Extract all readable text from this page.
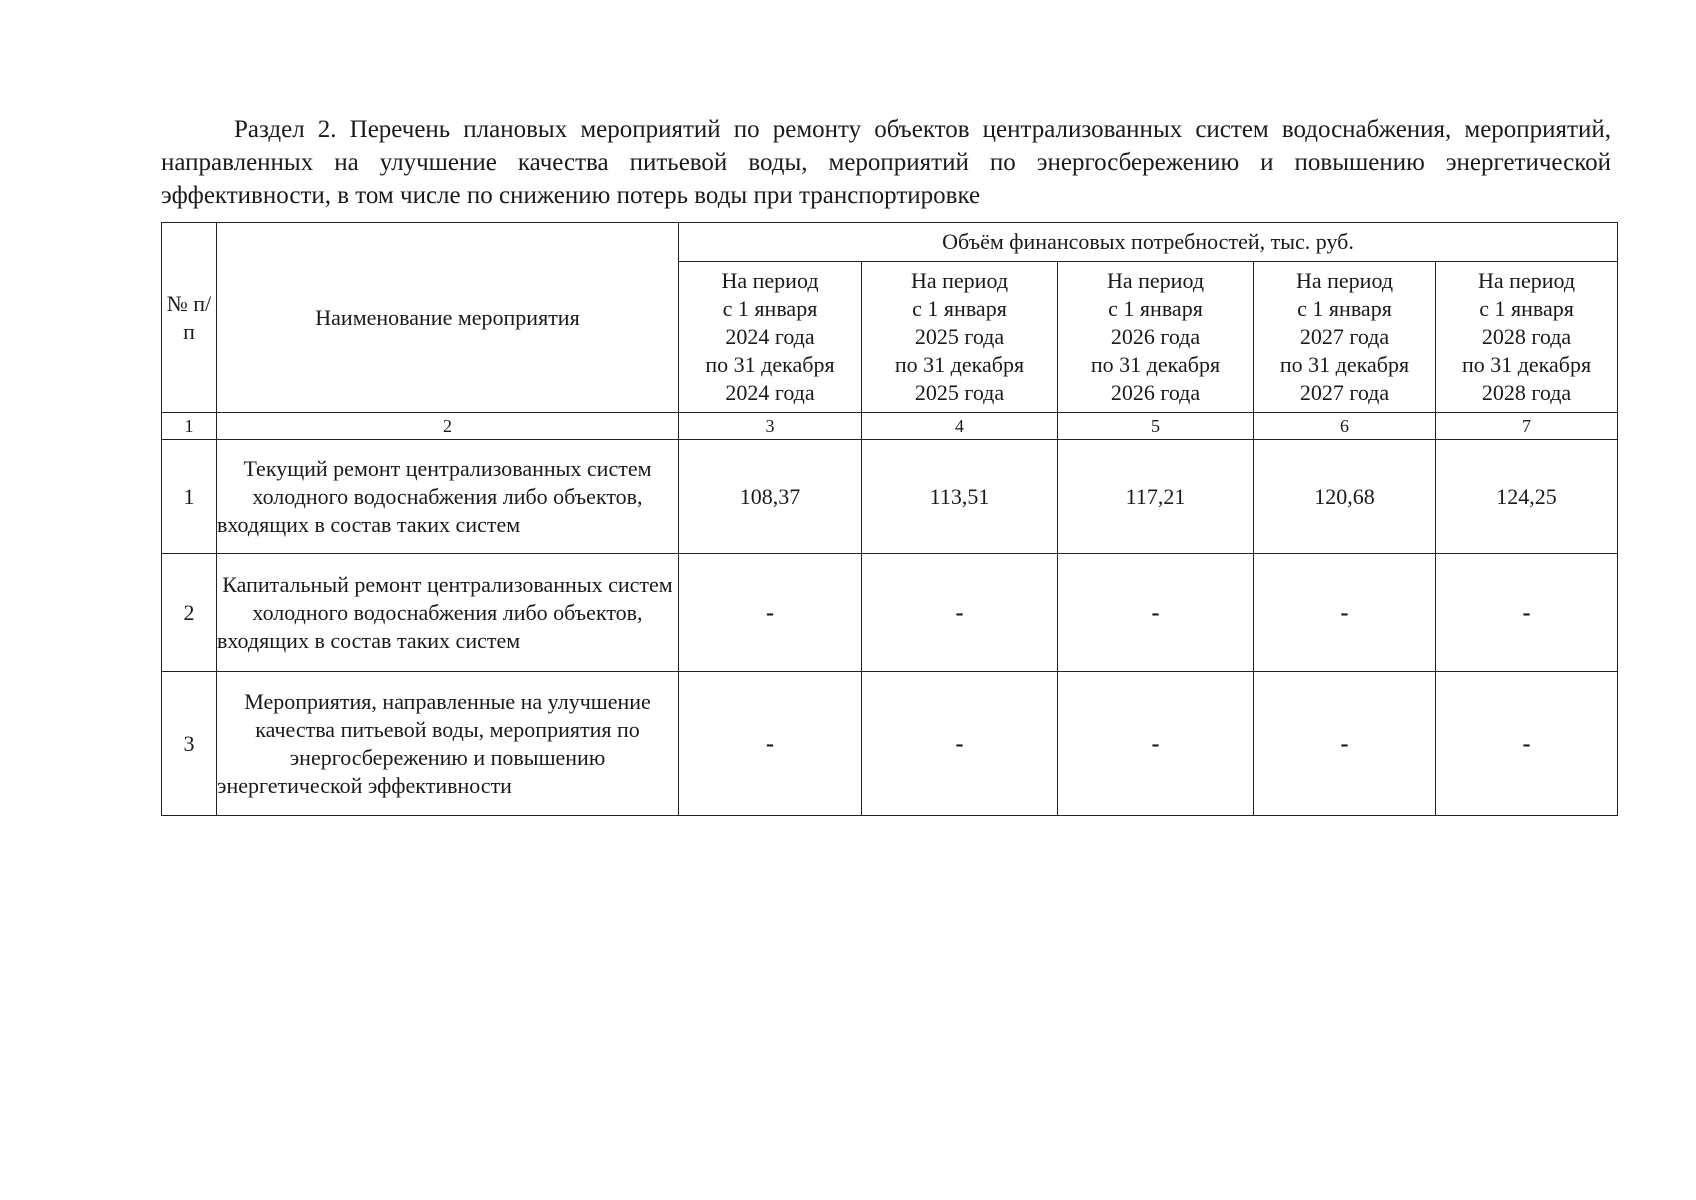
Раздел 2. Перечень плановых мероприятий по ремонту объектов централизованных систем водоснабжения, мероприятий, направленных на улучшение качества питьевой воды, мероприятий по энергосбережению и повышению энергетической эффективности, в том числе по снижению потерь воды при транспортировке
№ п/п	Наименование мероприятия	Объём финансовых потребностей, тыс. руб.				

		На период
с 1 января
2024 года
по 31 декабря
2024 года	На период
с 1 января
2025 года
по 31 декабря
2025 года	На период
с 1 января
2026 года
по 31 декабря
2026 года	На период
с 1 января
2027 года
по 31 декабря
2027 года	На период
с 1 января
2028 года
по 31 декабря
2028 года

1	2	3	4	5	6	7
1	Текущий ремонт централизованных систем холодного водоснабжения либо объектов, входящих в состав таких систем	108,37	113,51	117,21	120,68	124,25
2	Капитальный ремонт централизованных систем холодного водоснабжения либо объектов, входящих в состав таких систем	-	-	-	-	-
3	Мероприятия, направленные на улучшение качества питьевой воды, мероприятия по энергосбережению и повышению энергетической эффективности	-	-	-	-	-
